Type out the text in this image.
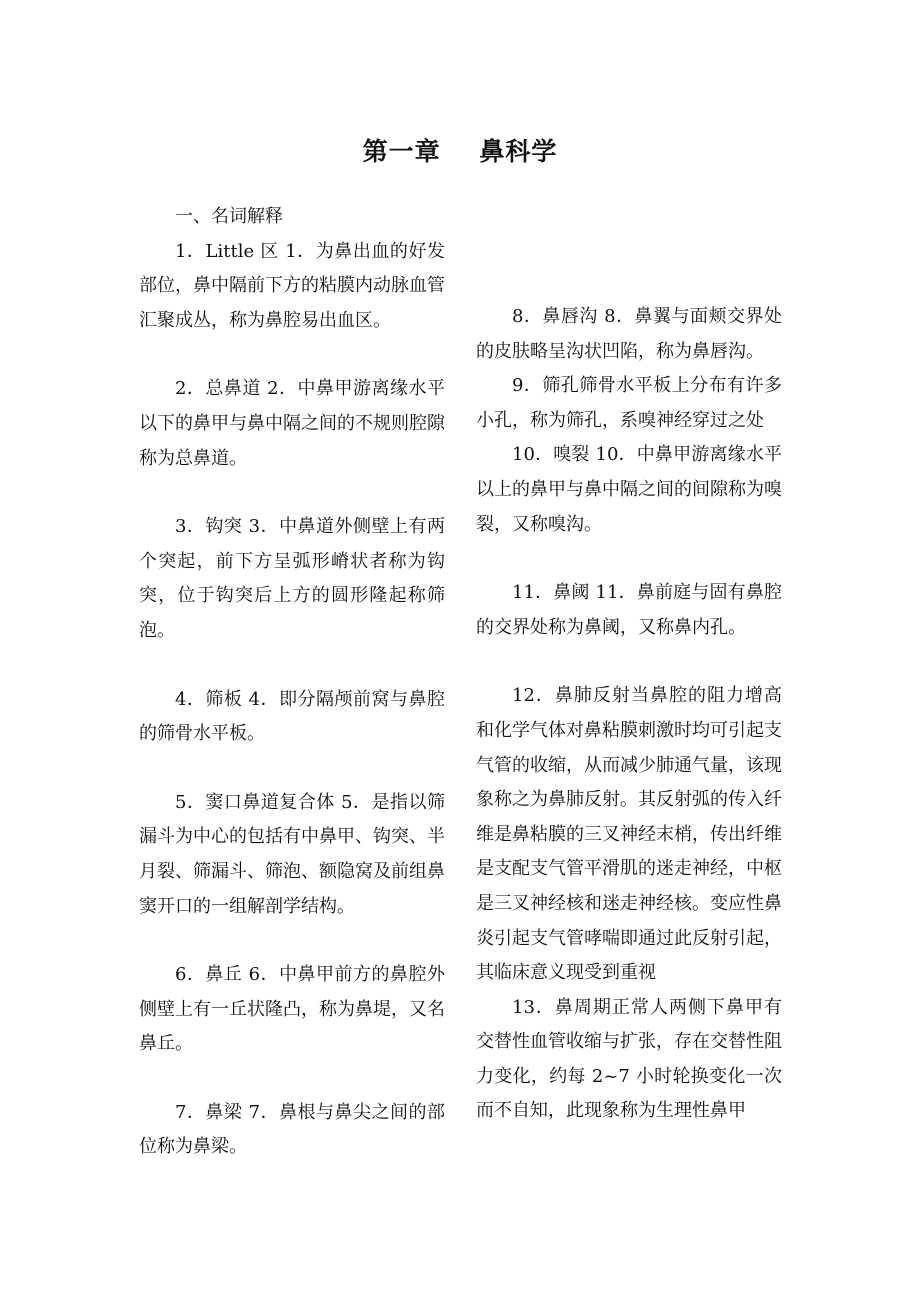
第一章    鼻科学

一、名词解释

1．Little 区 1．为鼻出血的好发部位，鼻中隔前下方的粘膜内动脉血管汇聚成丛，称为鼻腔易出血区。

2．总鼻道 2．中鼻甲游离缘水平以下的鼻甲与鼻中隔之间的不规则腔隙称为总鼻道。

3．钩突 3．中鼻道外侧壁上有两个突起，前下方呈弧形嵴状者称为钩突，位于钩突后上方的圆形隆起称筛泡。

4．筛板 4．即分隔颅前窝与鼻腔的筛骨水平板。

5．窦口鼻道复合体 5．是指以筛漏斗为中心的包括有中鼻甲、钩突、半月裂、筛漏斗、筛泡、额隐窝及前组鼻窦开口的一组解剖学结构。

6．鼻丘 6．中鼻甲前方的鼻腔外侧壁上有一丘状隆凸，称为鼻堤，又名鼻丘。

7．鼻梁 7．鼻根与鼻尖之间的部位称为鼻梁。

8．鼻唇沟 8．鼻翼与面颊交界处的皮肤略呈沟状凹陷，称为鼻唇沟。

9．筛孔筛骨水平板上分布有许多小孔，称为筛孔，系嗅神经穿过之处

10．嗅裂 10．中鼻甲游离缘水平以上的鼻甲与鼻中隔之间的间隙称为嗅裂，又称嗅沟。

11．鼻阈 11．鼻前庭与固有鼻腔的交界处称为鼻阈，又称鼻内孔。

12．鼻肺反射当鼻腔的阻力增高和化学气体对鼻粘膜刺激时均可引起支气管的收缩，从而减少肺通气量，该现象称之为鼻肺反射。其反射弧的传入纤维是鼻粘膜的三叉神经末梢，传出纤维是支配支气管平滑肌的迷走神经，中枢是三叉神经核和迷走神经核。变应性鼻炎引起支气管哮喘即通过此反射引起，其临床意义现受到重视

13．鼻周期正常人两侧下鼻甲有交替性血管收缩与扩张，存在交替性阻力变化，约每 2~7 小时轮换变化一次而不自知，此现象称为生理性鼻甲
